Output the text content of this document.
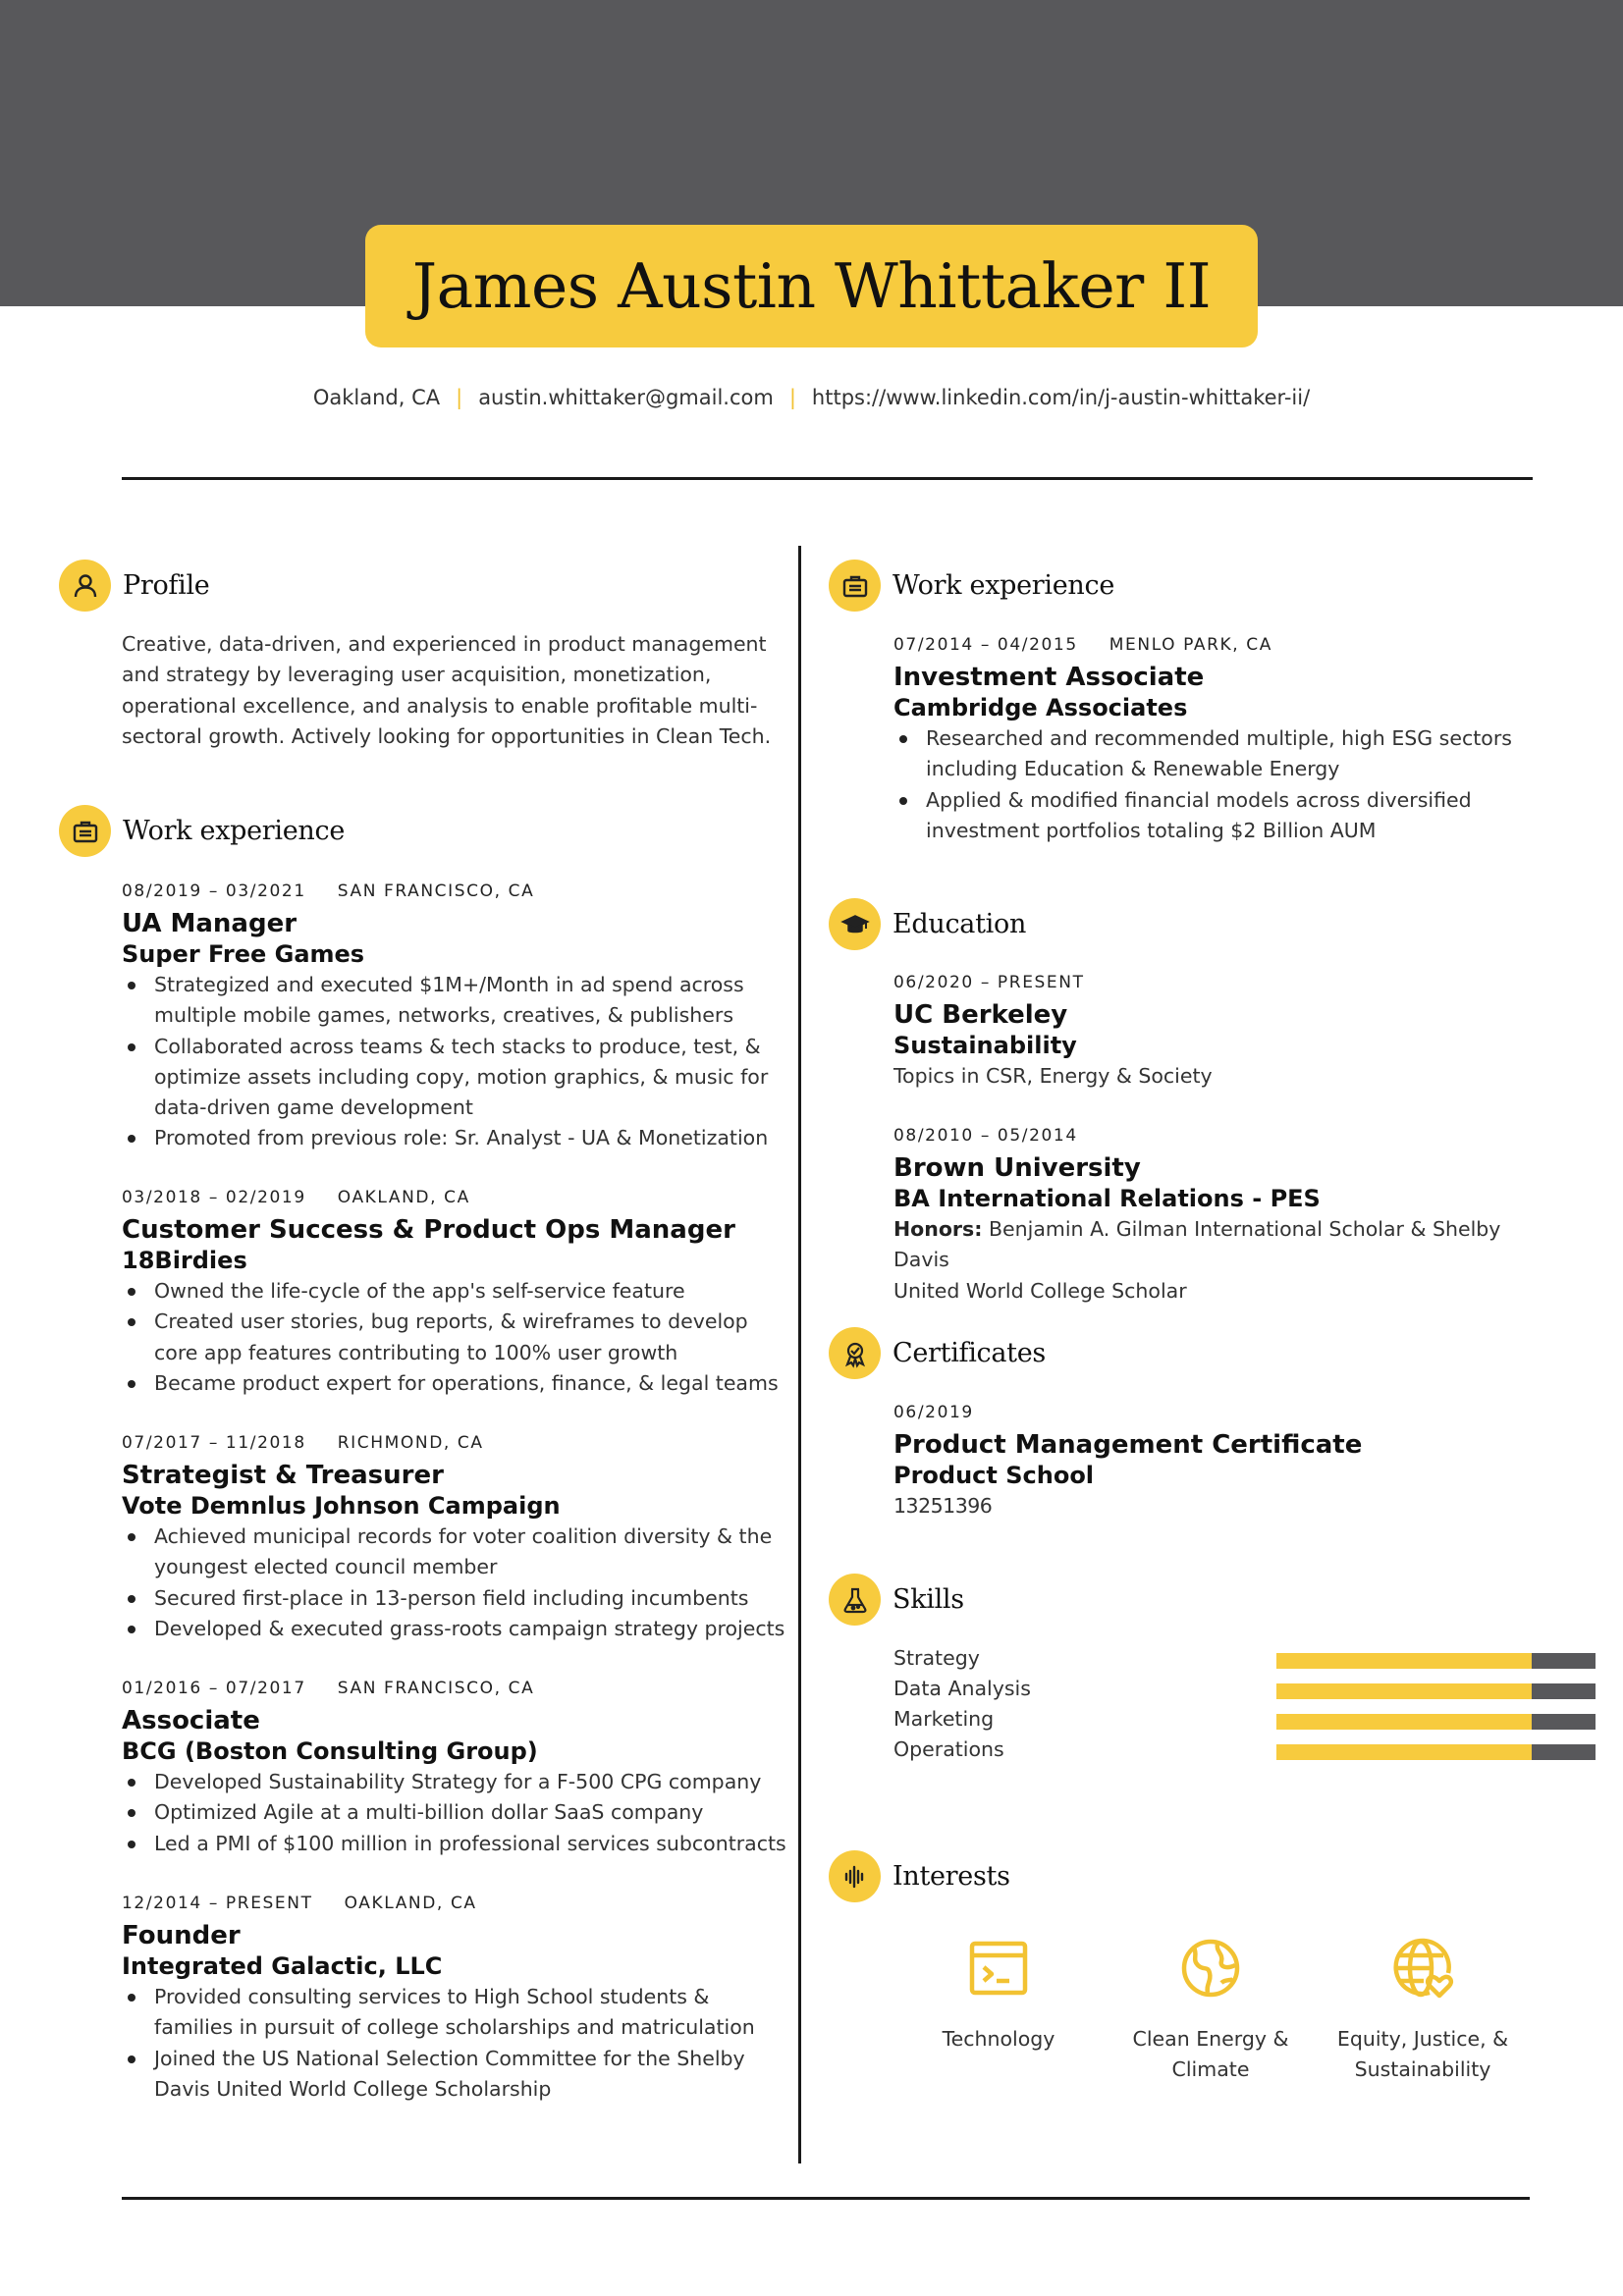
James Austin Whittaker II
Oakland, CA | austin.whittaker@gmail.com | https://www.linkedin.com/in/j-austin-whittaker-ii/
Profile

Creative, data-driven, and experienced in product management

and strategy by leveraging user acquisition, monetization,

operational excellence, and analysis to enable profitable multi-

sectoral growth. Actively looking for opportunities in Clean Tech.

Work experience

08/2019 – 03/2021 SAN FRANCISCO, CA

UA Manager

Super Free Games

Strategized and executed $1M+/Month in ad spend across
multiple mobile games, networks, creatives, & publishers
Collaborated across teams & tech stacks to produce, test, &
optimize assets including copy, motion graphics, & music for
data-driven game development
Promoted from previous role: Sr. Analyst - UA & Monetization

03/2018 – 02/2019 OAKLAND, CA

Customer Success & Product Ops Manager

18Birdies

Owned the life-cycle of the app's self-service feature
Created user stories, bug reports, & wireframes to develop
core app features contributing to 100% user growth
Became product expert for operations, finance, & legal teams

07/2017 – 11/2018 RICHMOND, CA

Strategist & Treasurer

Vote Demnlus Johnson Campaign

Achieved municipal records for voter coalition diversity & the
youngest elected council member
Secured first-place in 13-person field including incumbents
Developed & executed grass-roots campaign strategy projects

01/2016 – 07/2017 SAN FRANCISCO, CA

Associate

BCG (Boston Consulting Group)

Developed Sustainability Strategy for a F-500 CPG company
Optimized Agile at a multi-billion dollar SaaS company
Led a PMI of $100 million in professional services subcontracts

12/2014 – PRESENT OAKLAND, CA

Founder

Integrated Galactic, LLC

Provided consulting services to High School students &
families in pursuit of college scholarships and matriculation
Joined the US National Selection Committee for the Shelby
Davis United World College Scholarship
Work experience

07/2014 – 04/2015 MENLO PARK, CA

Investment Associate

Cambridge Associates

Researched and recommended multiple, high ESG sectors
including Education & Renewable Energy
Applied & modified financial models across diversified
investment portfolios totaling $2 Billion AUM
Education

06/2020 – PRESENT

UC Berkeley

Sustainability

Topics in CSR, Energy & Society

08/2010 – 05/2014

Brown University

BA International Relations - PES

Honors: Benjamin A. Gilman International Scholar & Shelby Davis

United World College Scholar

Certificates

06/2019

Product Management Certificate

Product School

13251396

Skills
Strategy
Data Analysis
Marketing
Operations
Interests
Technology	Clean Energy &
Climate
Equity, Justice, &
Sustainability
